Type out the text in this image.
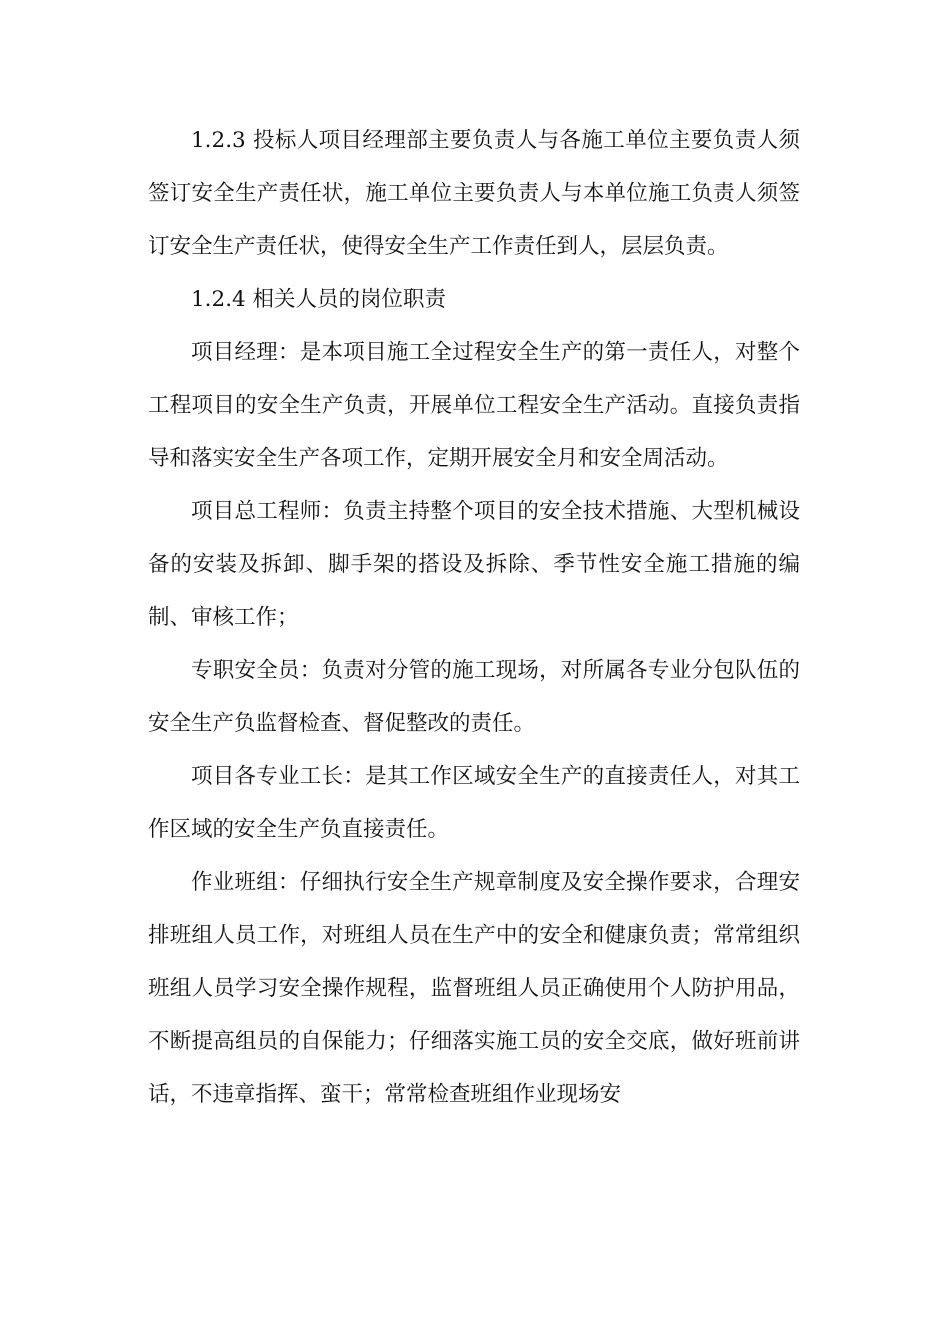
1.2.3 投标人项目经理部主要负责人与各施工单位主要负责人须签订安全生产责任状，施工单位主要负责人与本单位施工负责人须签订安全生产责任状，使得安全生产工作责任到人，层层负责。

1.2.4 相关人员的岗位职责

项目经理：是本项目施工全过程安全生产的第一责任人，对整个工程项目的安全生产负责，开展单位工程安全生产活动。直接负责指导和落实安全生产各项工作，定期开展安全月和安全周活动。

项目总工程师：负责主持整个项目的安全技术措施、大型机械设备的安装及拆卸、脚手架的搭设及拆除、季节性安全施工措施的编制、审核工作；

专职安全员：负责对分管的施工现场，对所属各专业分包队伍的安全生产负监督检查、督促整改的责任。

项目各专业工长：是其工作区域安全生产的直接责任人，对其工作区域的安全生产负直接责任。

作业班组：仔细执行安全生产规章制度及安全操作要求，合理安排班组人员工作，对班组人员在生产中的安全和健康负责；常常组织班组人员学习安全操作规程，监督班组人员正确使用个人防护用品，不断提高组员的自保能力；仔细落实施工员的安全交底，做好班前讲话，不违章指挥、蛮干；常常检查班组作业现场安
